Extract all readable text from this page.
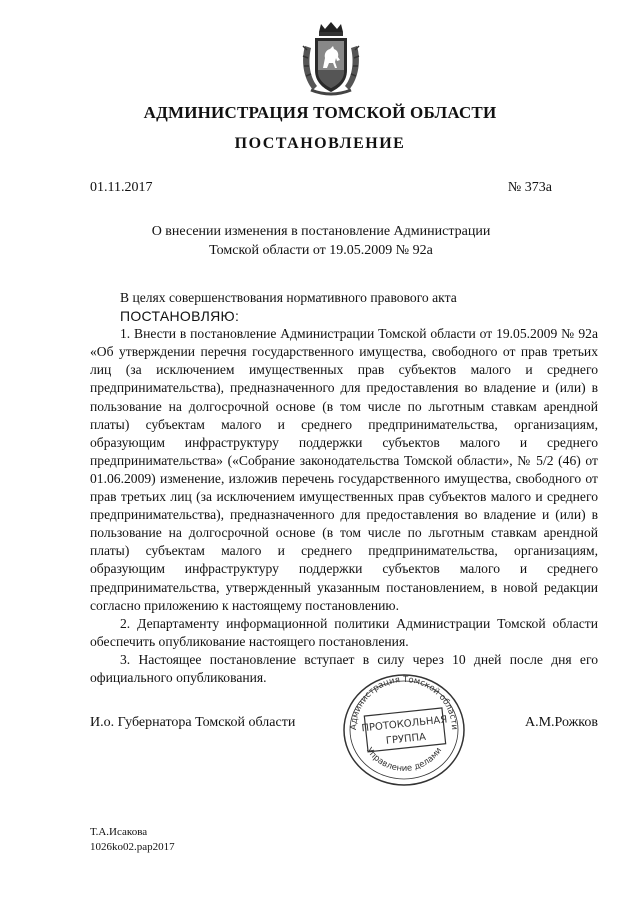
АДМИНИСТРАЦИЯ ТОМСКОЙ ОБЛАСТИ
ПОСТАНОВЛЕНИЕ
01.11.2017	№ 373а
О внесении изменения в постановление Администрации
Томской области от 19.05.2009 № 92а
В целях совершенствования нормативного правового акта
ПОСТАНОВЛЯЮ:

1. Внести в постановление Администрации Томской области от 19.05.2009 № 92а «Об утверждении перечня государственного имущества, свободного от прав третьих лиц (за исключением имущественных прав субъектов малого и среднего предпринимательства), предназначенного для предоставления во владение и (или) в пользование на долгосрочной основе (в том числе по льготным ставкам арендной платы) субъектам малого и среднего предпринимательства, организациям, образующим инфраструктуру поддержки субъектов малого и среднего предпринимательства» («Собрание законодательства Томской области», № 5/2 (46) от 01.06.2009) изменение, изложив перечень государственного имущества, свободного от прав третьих лиц (за исключением имущественных прав субъектов малого и среднего предпринимательства), предназначенного для предоставления во владение и (или) в пользование на долгосрочной основе (в том числе по льготным ставкам арендной платы) субъектам малого и среднего предпринимательства, организациям, образующим инфраструктуру поддержки субъектов малого и среднего предпринимательства, утвержденный указанным постановлением, в новой редакции согласно приложению к настоящему постановлению.

2. Департаменту информационной политики Администрации Томской области обеспечить опубликование настоящего постановления.

3. Настоящее постановление вступает в силу через 10 дней после дня его официального опубликования.

И.о. Губернатора Томской области	А.М.Рожков
Администрация Томской области
Управление делами
ПРОТОКОЛЬНАЯ
ГРУППА
Т.А.Исакова
1026ko02.pap2017
